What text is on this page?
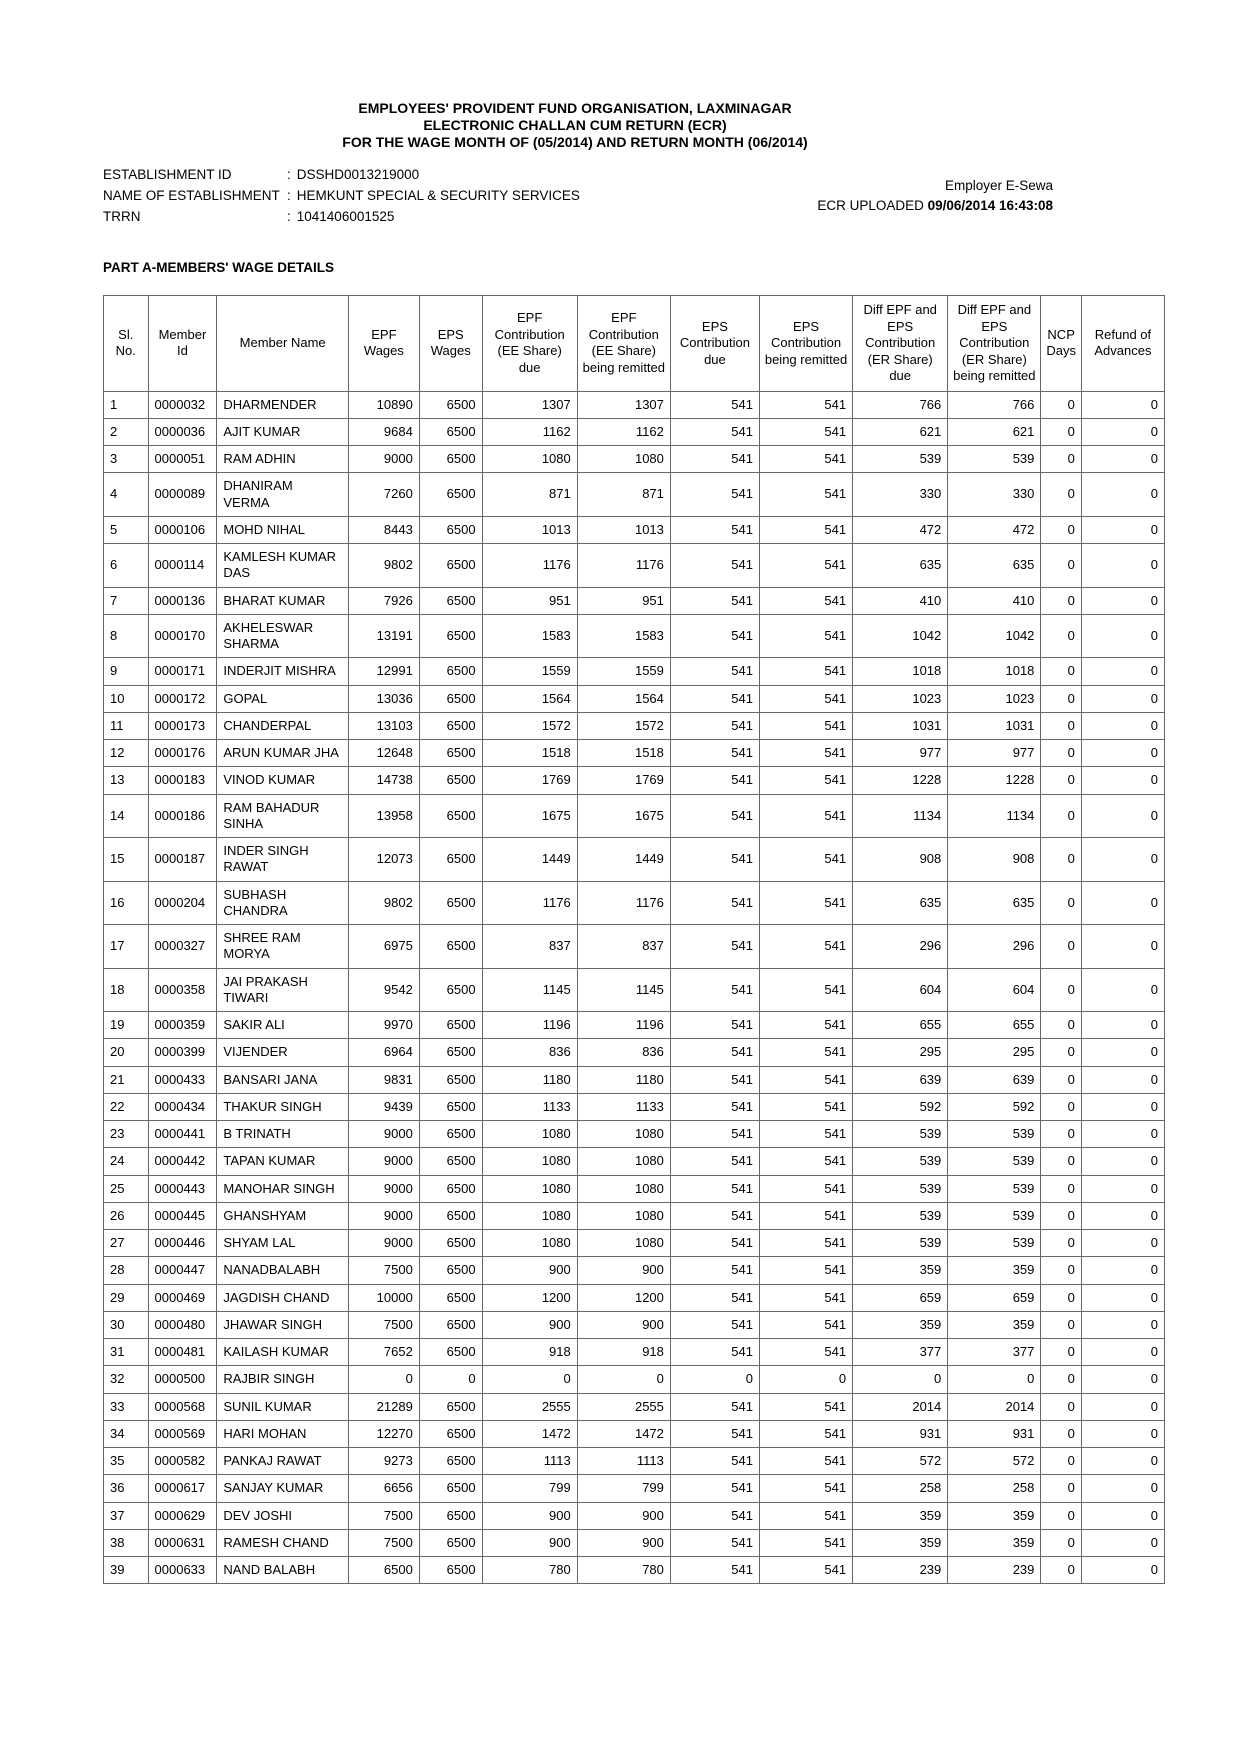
EMPLOYEES' PROVIDENT FUND ORGANISATION, LAXMINAGAR
ELECTRONIC CHALLAN CUM RETURN (ECR)
FOR THE WAGE MONTH OF (05/2014) AND RETURN MONTH (06/2014)
ESTABLISHMENT ID	: DSSHD0013219000
NAME OF ESTABLISHMENT : HEMKUNT SPECIAL & SECURITY SERVICES
TRRN	: 1041406001525
Employer E-Sewa
ECR UPLOADED 09/06/2014 16:43:08
PART A-MEMBERS' WAGE DETAILS
Sl. No.	Member Id	Member Name	EPF Wages	EPS Wages	EPF Contribution (EE Share) due	EPF Contribution (EE Share) being remitted	EPS Contribution due	EPS Contribution being remitted	Diff EPF and EPS Contribution (ER Share) due	Diff EPF and EPS Contribution (ER Share) being remitted	NCP Days	Refund of Advances
1	0000032	DHARMENDER	10890	6500	1307	1307	541	541	766	766	0	0
2	0000036	AJIT KUMAR	9684	6500	1162	1162	541	541	621	621	0	0
3	0000051	RAM ADHIN	9000	6500	1080	1080	541	541	539	539	0	0
4	0000089	DHANIRAM VERMA	7260	6500	871	871	541	541	330	330	0	0
5	0000106	MOHD NIHAL	8443	6500	1013	1013	541	541	472	472	0	0
6	0000114	KAMLESH KUMAR DAS	9802	6500	1176	1176	541	541	635	635	0	0
7	0000136	BHARAT KUMAR	7926	6500	951	951	541	541	410	410	0	0
8	0000170	AKHELESWAR SHARMA	13191	6500	1583	1583	541	541	1042	1042	0	0
9	0000171	INDERJIT MISHRA	12991	6500	1559	1559	541	541	1018	1018	0	0
10	0000172	GOPAL	13036	6500	1564	1564	541	541	1023	1023	0	0
11	0000173	CHANDERPAL	13103	6500	1572	1572	541	541	1031	1031	0	0
12	0000176	ARUN KUMAR JHA	12648	6500	1518	1518	541	541	977	977	0	0
13	0000183	VINOD KUMAR	14738	6500	1769	1769	541	541	1228	1228	0	0
14	0000186	RAM BAHADUR SINHA	13958	6500	1675	1675	541	541	1134	1134	0	0
15	0000187	INDER SINGH RAWAT	12073	6500	1449	1449	541	541	908	908	0	0
16	0000204	SUBHASH CHANDRA	9802	6500	1176	1176	541	541	635	635	0	0
17	0000327	SHREE RAM MORYA	6975	6500	837	837	541	541	296	296	0	0
18	0000358	JAI PRAKASH TIWARI	9542	6500	1145	1145	541	541	604	604	0	0
19	0000359	SAKIR ALI	9970	6500	1196	1196	541	541	655	655	0	0
20	0000399	VIJENDER	6964	6500	836	836	541	541	295	295	0	0
21	0000433	BANSARI JANA	9831	6500	1180	1180	541	541	639	639	0	0
22	0000434	THAKUR SINGH	9439	6500	1133	1133	541	541	592	592	0	0
23	0000441	B TRINATH	9000	6500	1080	1080	541	541	539	539	0	0
24	0000442	TAPAN KUMAR	9000	6500	1080	1080	541	541	539	539	0	0
25	0000443	MANOHAR SINGH	9000	6500	1080	1080	541	541	539	539	0	0
26	0000445	GHANSHYAM	9000	6500	1080	1080	541	541	539	539	0	0
27	0000446	SHYAM LAL	9000	6500	1080	1080	541	541	539	539	0	0
28	0000447	NANADBALABH	7500	6500	900	900	541	541	359	359	0	0
29	0000469	JAGDISH CHAND	10000	6500	1200	1200	541	541	659	659	0	0
30	0000480	JHAWAR SINGH	7500	6500	900	900	541	541	359	359	0	0
31	0000481	KAILASH KUMAR	7652	6500	918	918	541	541	377	377	0	0
32	0000500	RAJBIR SINGH	0	0	0	0	0	0	0	0	0	0
33	0000568	SUNIL KUMAR	21289	6500	2555	2555	541	541	2014	2014	0	0
34	0000569	HARI MOHAN	12270	6500	1472	1472	541	541	931	931	0	0
35	0000582	PANKAJ RAWAT	9273	6500	1113	1113	541	541	572	572	0	0
36	0000617	SANJAY KUMAR	6656	6500	799	799	541	541	258	258	0	0
37	0000629	DEV JOSHI	7500	6500	900	900	541	541	359	359	0	0
38	0000631	RAMESH CHAND	7500	6500	900	900	541	541	359	359	0	0
39	0000633	NAND BALABH	6500	6500	780	780	541	541	239	239	0	0
